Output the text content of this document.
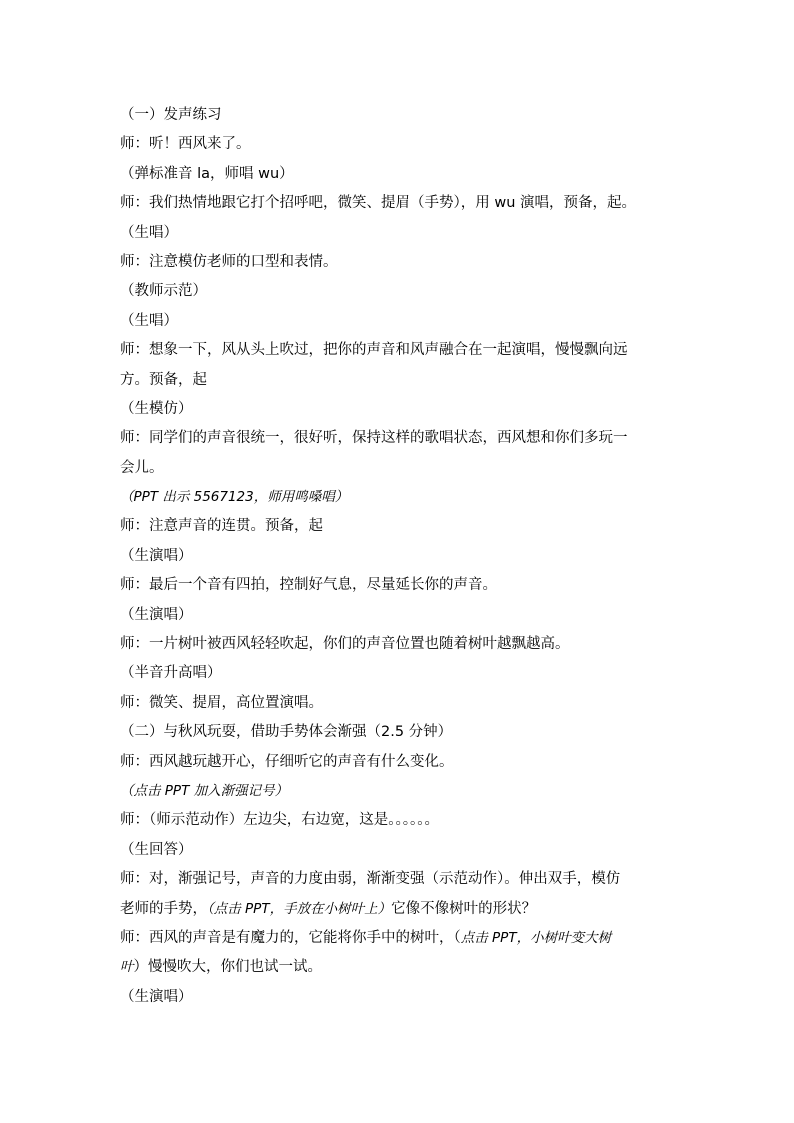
（一）发声练习

师：听！西风来了。

（弹标准音 la，师唱 wu）

师：我们热情地跟它打个招呼吧，微笑、提眉（手势），用 wu 演唱，预备，起。

（生唱）

师：注意模仿老师的口型和表情。

（教师示范）

（生唱）

师：想象一下，风从头上吹过，把你的声音和风声融合在一起演唱，慢慢飘向远

方。预备，起

（生模仿）

师：同学们的声音很统一，很好听，保持这样的歌唱状态，西风想和你们多玩一

会儿。

（PPT 出示 5567123，师用鸣嗓唱）

师：注意声音的连贯。预备，起

（生演唱）

师：最后一个音有四拍，控制好气息，尽量延长你的声音。

（生演唱）

师：一片树叶被西风轻轻吹起，你们的声音位置也随着树叶越飘越高。

（半音升高唱）

师：微笑、提眉，高位置演唱。

（二）与秋风玩耍，借助手势体会渐强（2.5 分钟）

师：西风越玩越开心，仔细听它的声音有什么变化。

（点击 PPT 加入渐强记号）

师：（师示范动作）左边尖，右边宽，这是。。。。。。

（生回答）

师：对，渐强记号，声音的力度由弱，渐渐变强（示范动作）。伸出双手，模仿

老师的手势，（点击 PPT，手放在小树叶上）它像不像树叶的形状？

师：西风的声音是有魔力的，它能将你手中的树叶，（点击 PPT，小树叶变大树

叶）慢慢吹大，你们也试一试。

（生演唱）
